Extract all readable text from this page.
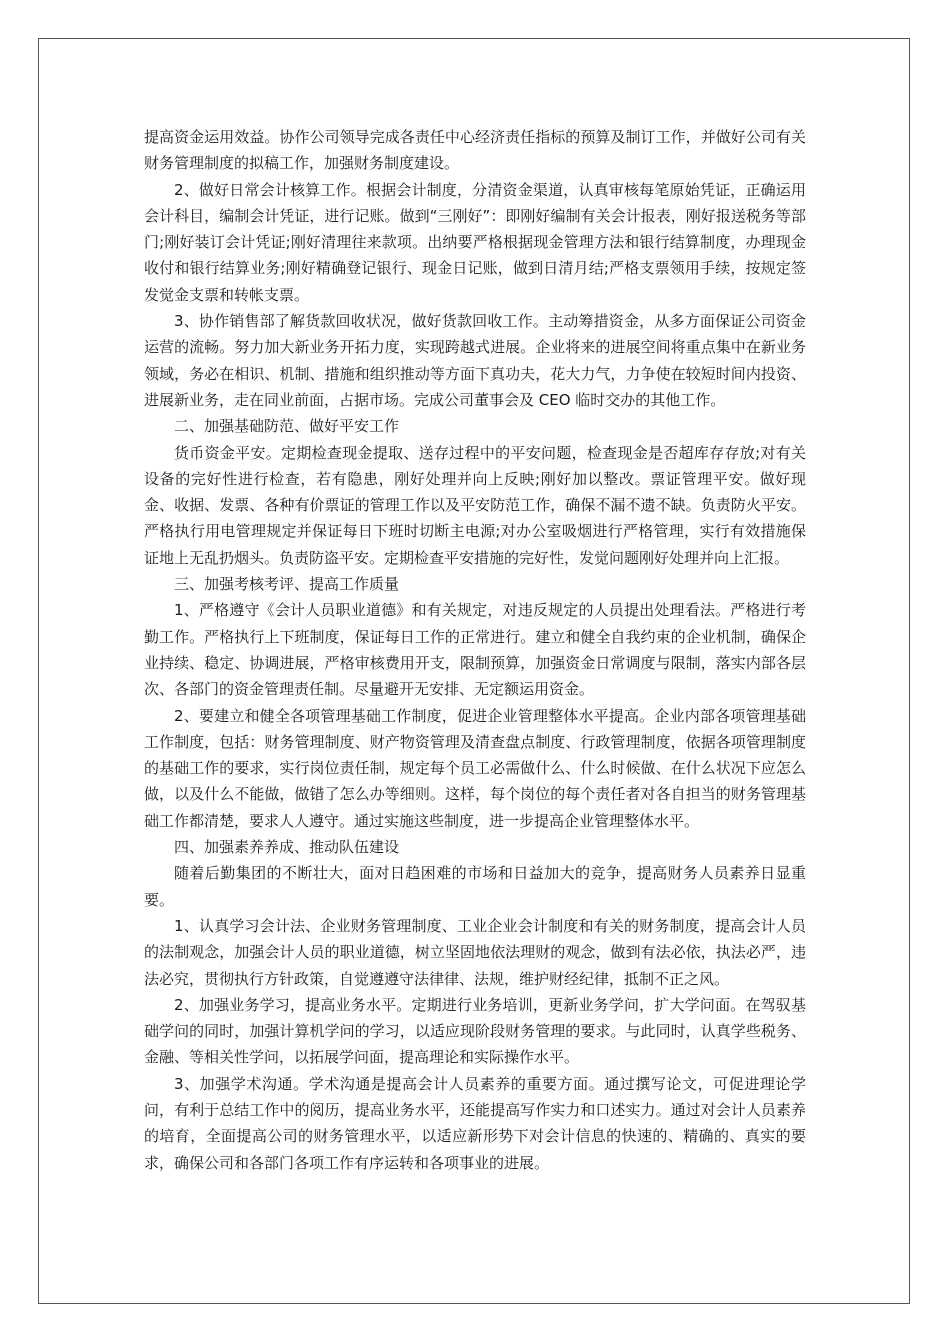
提高资金运用效益。协作公司领导完成各责任中心经济责任指标的预算及制订工作，并做好公司有关财务管理制度的拟稿工作，加强财务制度建设。

2、做好日常会计核算工作。根据会计制度，分清资金渠道，认真审核每笔原始凭证，正确运用会计科目，编制会计凭证，进行记账。做到“三刚好”：即刚好编制有关会计报表，刚好报送税务等部门;刚好装订会计凭证;刚好清理往来款项。出纳要严格根据现金管理方法和银行结算制度，办理现金收付和银行结算业务;刚好精确登记银行、现金日记账，做到日清月结;严格支票领用手续，按规定签发觉金支票和转帐支票。

3、协作销售部了解货款回收状况，做好货款回收工作。主动筹措资金，从多方面保证公司资金运营的流畅。努力加大新业务开拓力度，实现跨越式进展。企业将来的进展空间将重点集中在新业务领域，务必在相识、机制、措施和组织推动等方面下真功夫，花大力气，力争使在较短时间内投资、进展新业务，走在同业前面，占据市场。完成公司董事会及 CEO 临时交办的其他工作。

二、加强基础防范、做好平安工作

货币资金平安。定期检查现金提取、送存过程中的平安问题，检查现金是否超库存存放;对有关设备的完好性进行检查，若有隐患，刚好处理并向上反映;刚好加以整改。票证管理平安。做好现金、收据、发票、各种有价票证的管理工作以及平安防范工作，确保不漏不遗不缺。负责防火平安。严格执行用电管理规定并保证每日下班时切断主电源;对办公室吸烟进行严格管理，实行有效措施保证地上无乱扔烟头。负责防盗平安。定期检查平安措施的完好性，发觉问题刚好处理并向上汇报。

三、加强考核考评、提高工作质量

1、严格遵守《会计人员职业道德》和有关规定，对违反规定的人员提出处理看法。严格进行考勤工作。严格执行上下班制度，保证每日工作的正常进行。建立和健全自我约束的企业机制，确保企业持续、稳定、协调进展，严格审核费用开支，限制预算，加强资金日常调度与限制，落实内部各层次、各部门的资金管理责任制。尽量避开无安排、无定额运用资金。

2、要建立和健全各项管理基础工作制度，促进企业管理整体水平提高。企业内部各项管理基础工作制度，包括：财务管理制度、财产物资管理及清查盘点制度、行政管理制度，依据各项管理制度的基础工作的要求，实行岗位责任制，规定每个员工必需做什么、什么时候做、在什么状况下应怎么做，以及什么不能做，做错了怎么办等细则。这样，每个岗位的每个责任者对各自担当的财务管理基础工作都清楚，要求人人遵守。通过实施这些制度，进一步提高企业管理整体水平。

四、加强素养养成、推动队伍建设

随着后勤集团的不断壮大，面对日趋困难的市场和日益加大的竞争，提高财务人员素养日显重要。

1、认真学习会计法、企业财务管理制度、工业企业会计制度和有关的财务制度，提高会计人员的法制观念，加强会计人员的职业道德，树立坚固地依法理财的观念，做到有法必依，执法必严，违法必究，贯彻执行方针政策，自觉遵遵守法律律、法规，维护财经纪律，抵制不正之风。

2、加强业务学习，提高业务水平。定期进行业务培训，更新业务学问，扩大学问面。在驾驭基础学问的同时，加强计算机学问的学习，以适应现阶段财务管理的要求。与此同时，认真学些税务、金融、等相关性学问，以拓展学问面，提高理论和实际操作水平。

3、加强学术沟通。学术沟通是提高会计人员素养的重要方面。通过撰写论文，可促进理论学问，有利于总结工作中的阅历，提高业务水平，还能提高写作实力和口述实力。通过对会计人员素养的培育，全面提高公司的财务管理水平，以适应新形势下对会计信息的快速的、精确的、真实的要求，确保公司和各部门各项工作有序运转和各项事业的进展。
